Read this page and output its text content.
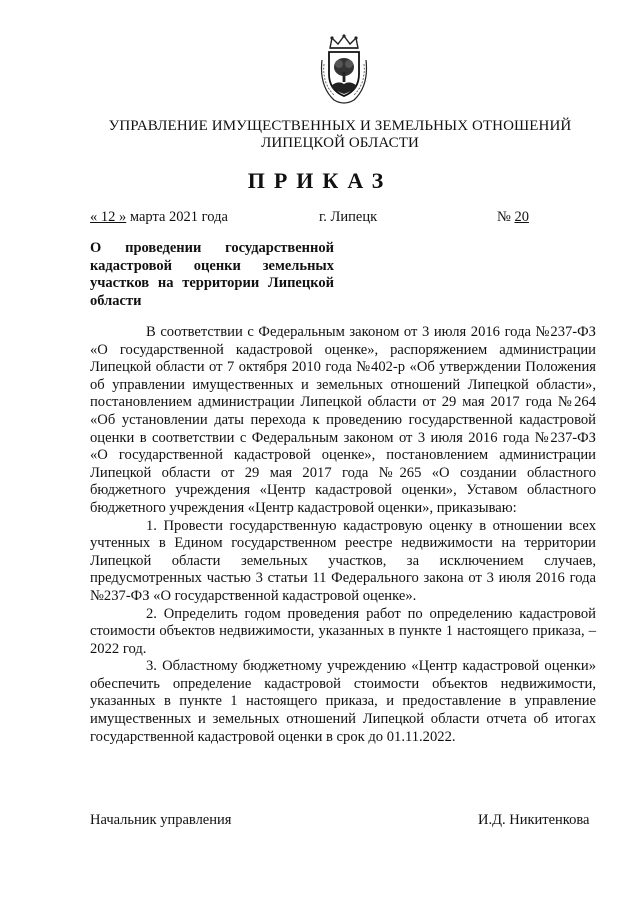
УПРАВЛЕНИЕ ИМУЩЕСТВЕННЫХ И ЗЕМЕЛЬНЫХ ОТНОШЕНИЙ
ЛИПЕЦКОЙ ОБЛАСТИ
ПРИКАЗ
« 12 » марта 2021 года	г. Липецк	№ 20
О проведении государственной кадастровой оценки земельных участков на территории Липецкой области

В соответствии с Федеральным законом от 3 июля 2016 года №237-ФЗ «О государственной кадастровой оценке», распоряжением администрации Липецкой области от 7 октября 2010 года №402-р «Об утверждении Положения об управлении имущественных и земельных отношений Липецкой области», постановлением администрации Липецкой области от 29 мая 2017 года №264 «Об установлении даты перехода к проведению государственной кадастровой оценки в соответствии с Федеральным законом от 3 июля 2016 года №237-ФЗ «О государственной кадастровой оценке», постановлением администрации Липецкой области от 29 мая 2017 года №265 «О создании областного бюджетного учреждения «Центр кадастровой оценки», Уставом областного бюджетного учреждения «Центр кадастровой оценки», приказываю:

1. Провести государственную кадастровую оценку в отношении всех учтенных в Едином государственном реестре недвижимости на территории Липецкой области земельных участков, за исключением случаев, предусмотренных частью 3 статьи 11 Федерального закона от 3 июля 2016 года №237-ФЗ «О государственной кадастровой оценке».

2. Определить годом проведения работ по определению кадастровой стоимости объектов недвижимости, указанных в пункте 1 настоящего приказа, – 2022 год.

3. Областному бюджетному учреждению «Центр кадастровой оценки» обеспечить определение кадастровой стоимости объектов недвижимости, указанных в пункте 1 настоящего приказа, и предоставление в управление имущественных и земельных отношений Липецкой области отчета об итогах государственной кадастровой оценки в срок до 01.11.2022.

Начальник управления	И.Д. Никитенкова
